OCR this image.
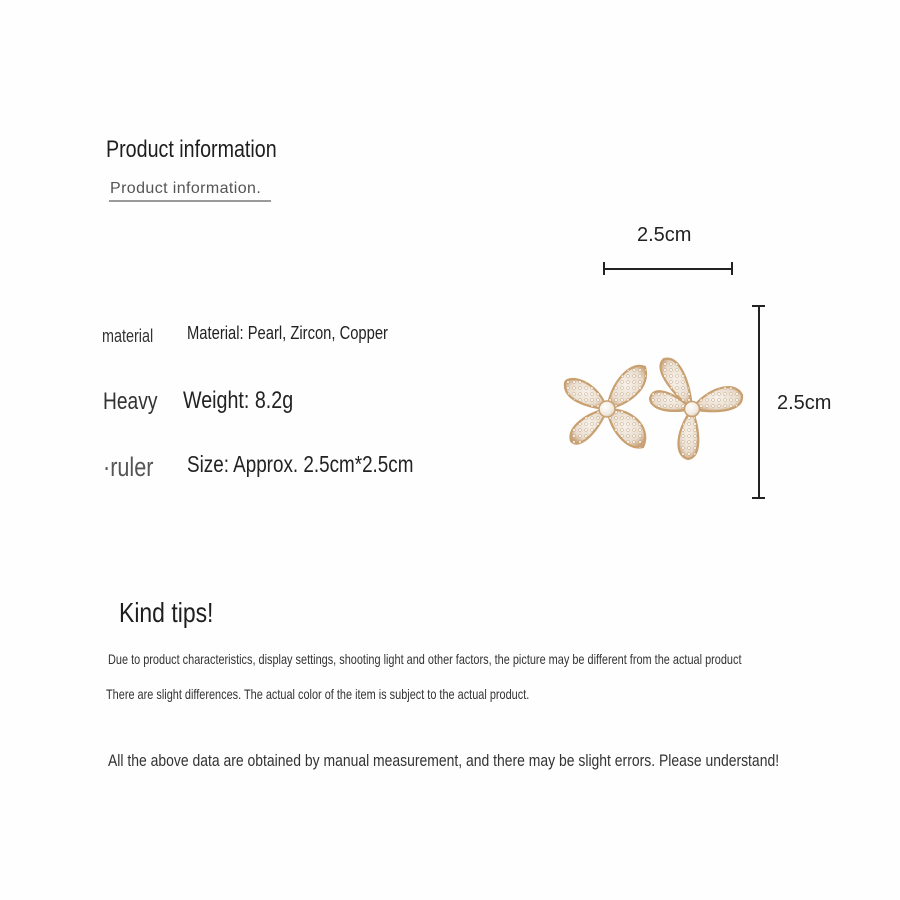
Product information
Product information.
material	Material: Pearl, Zircon, Copper
Heavy	Weight: 8.2g
·ruler	Size: Approx. 2.5cm*2.5cm
2.5cm
2.5cm
Kind tips!
Due to product characteristics, display settings, shooting light and other factors, the picture may be different from the actual product
There are slight differences. The actual color of the item is subject to the actual product.
All the above data are obtained by manual measurement, and there may be slight errors. Please understand!
